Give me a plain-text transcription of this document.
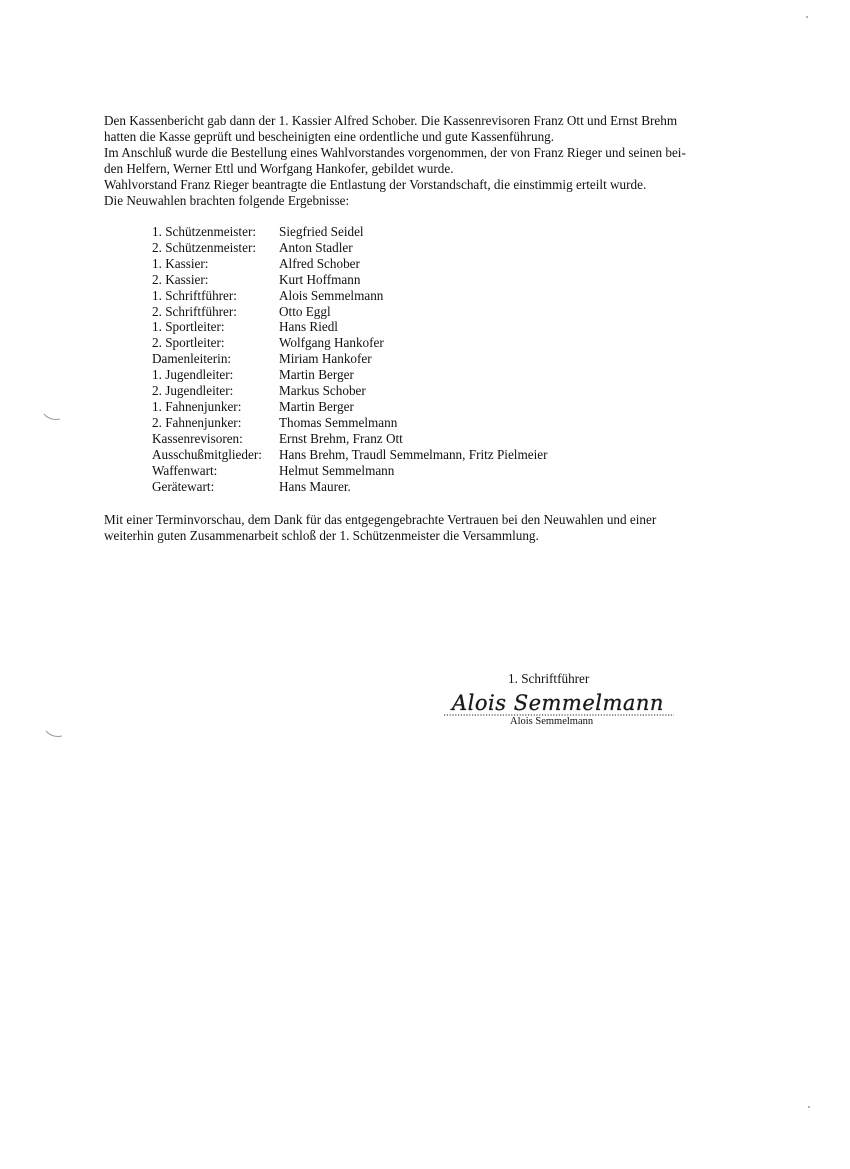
Den Kassenbericht gab dann der 1. Kassier Alfred Schober. Die Kassenrevisoren Franz Ott und Ernst Brehm
hatten die Kasse geprüft und bescheinigten eine ordentliche und gute Kassenführung.
Im Anschluß wurde die Bestellung eines Wahlvorstandes vorgenommen, der von Franz Rieger und seinen bei-
den Helfern, Werner Ettl und Worfgang Hankofer, gebildet wurde.
Wahlvorstand Franz Rieger beantragte die Entlastung der Vorstandschaft, die einstimmig erteilt wurde.
Die Neuwahlen brachten folgende Ergebnisse:
1. Schützenmeister:	Siegfried Seidel
2. Schützenmeister:	Anton Stadler
1. Kassier:	Alfred Schober
2. Kassier:	Kurt Hoffmann
1. Schriftführer:	Alois Semmelmann
2. Schriftführer:	Otto Eggl
1. Sportleiter:	Hans Riedl
2. Sportleiter:	Wolfgang Hankofer
Damenleiterin:	Miriam Hankofer
1. Jugendleiter:	Martin Berger
2. Jugendleiter:	Markus Schober
1. Fahnenjunker:	Martin Berger
2. Fahnenjunker:	Thomas Semmelmann
Kassenrevisoren:	Ernst Brehm, Franz Ott
Ausschußmitglieder:	Hans Brehm, Traudl Semmelmann, Fritz Pielmeier
Waffenwart:	Helmut Semmelmann
Gerätewart:	Hans Maurer.
Mit einer Terminvorschau, dem Dank für das entgegengebrachte Vertrauen bei den Neuwahlen und einer
weiterhin guten Zusammenarbeit schloß der 1. Schützenmeister die Versammlung.
1. Schriftführer
Alois Semmelmann
Alois Semmelmann
